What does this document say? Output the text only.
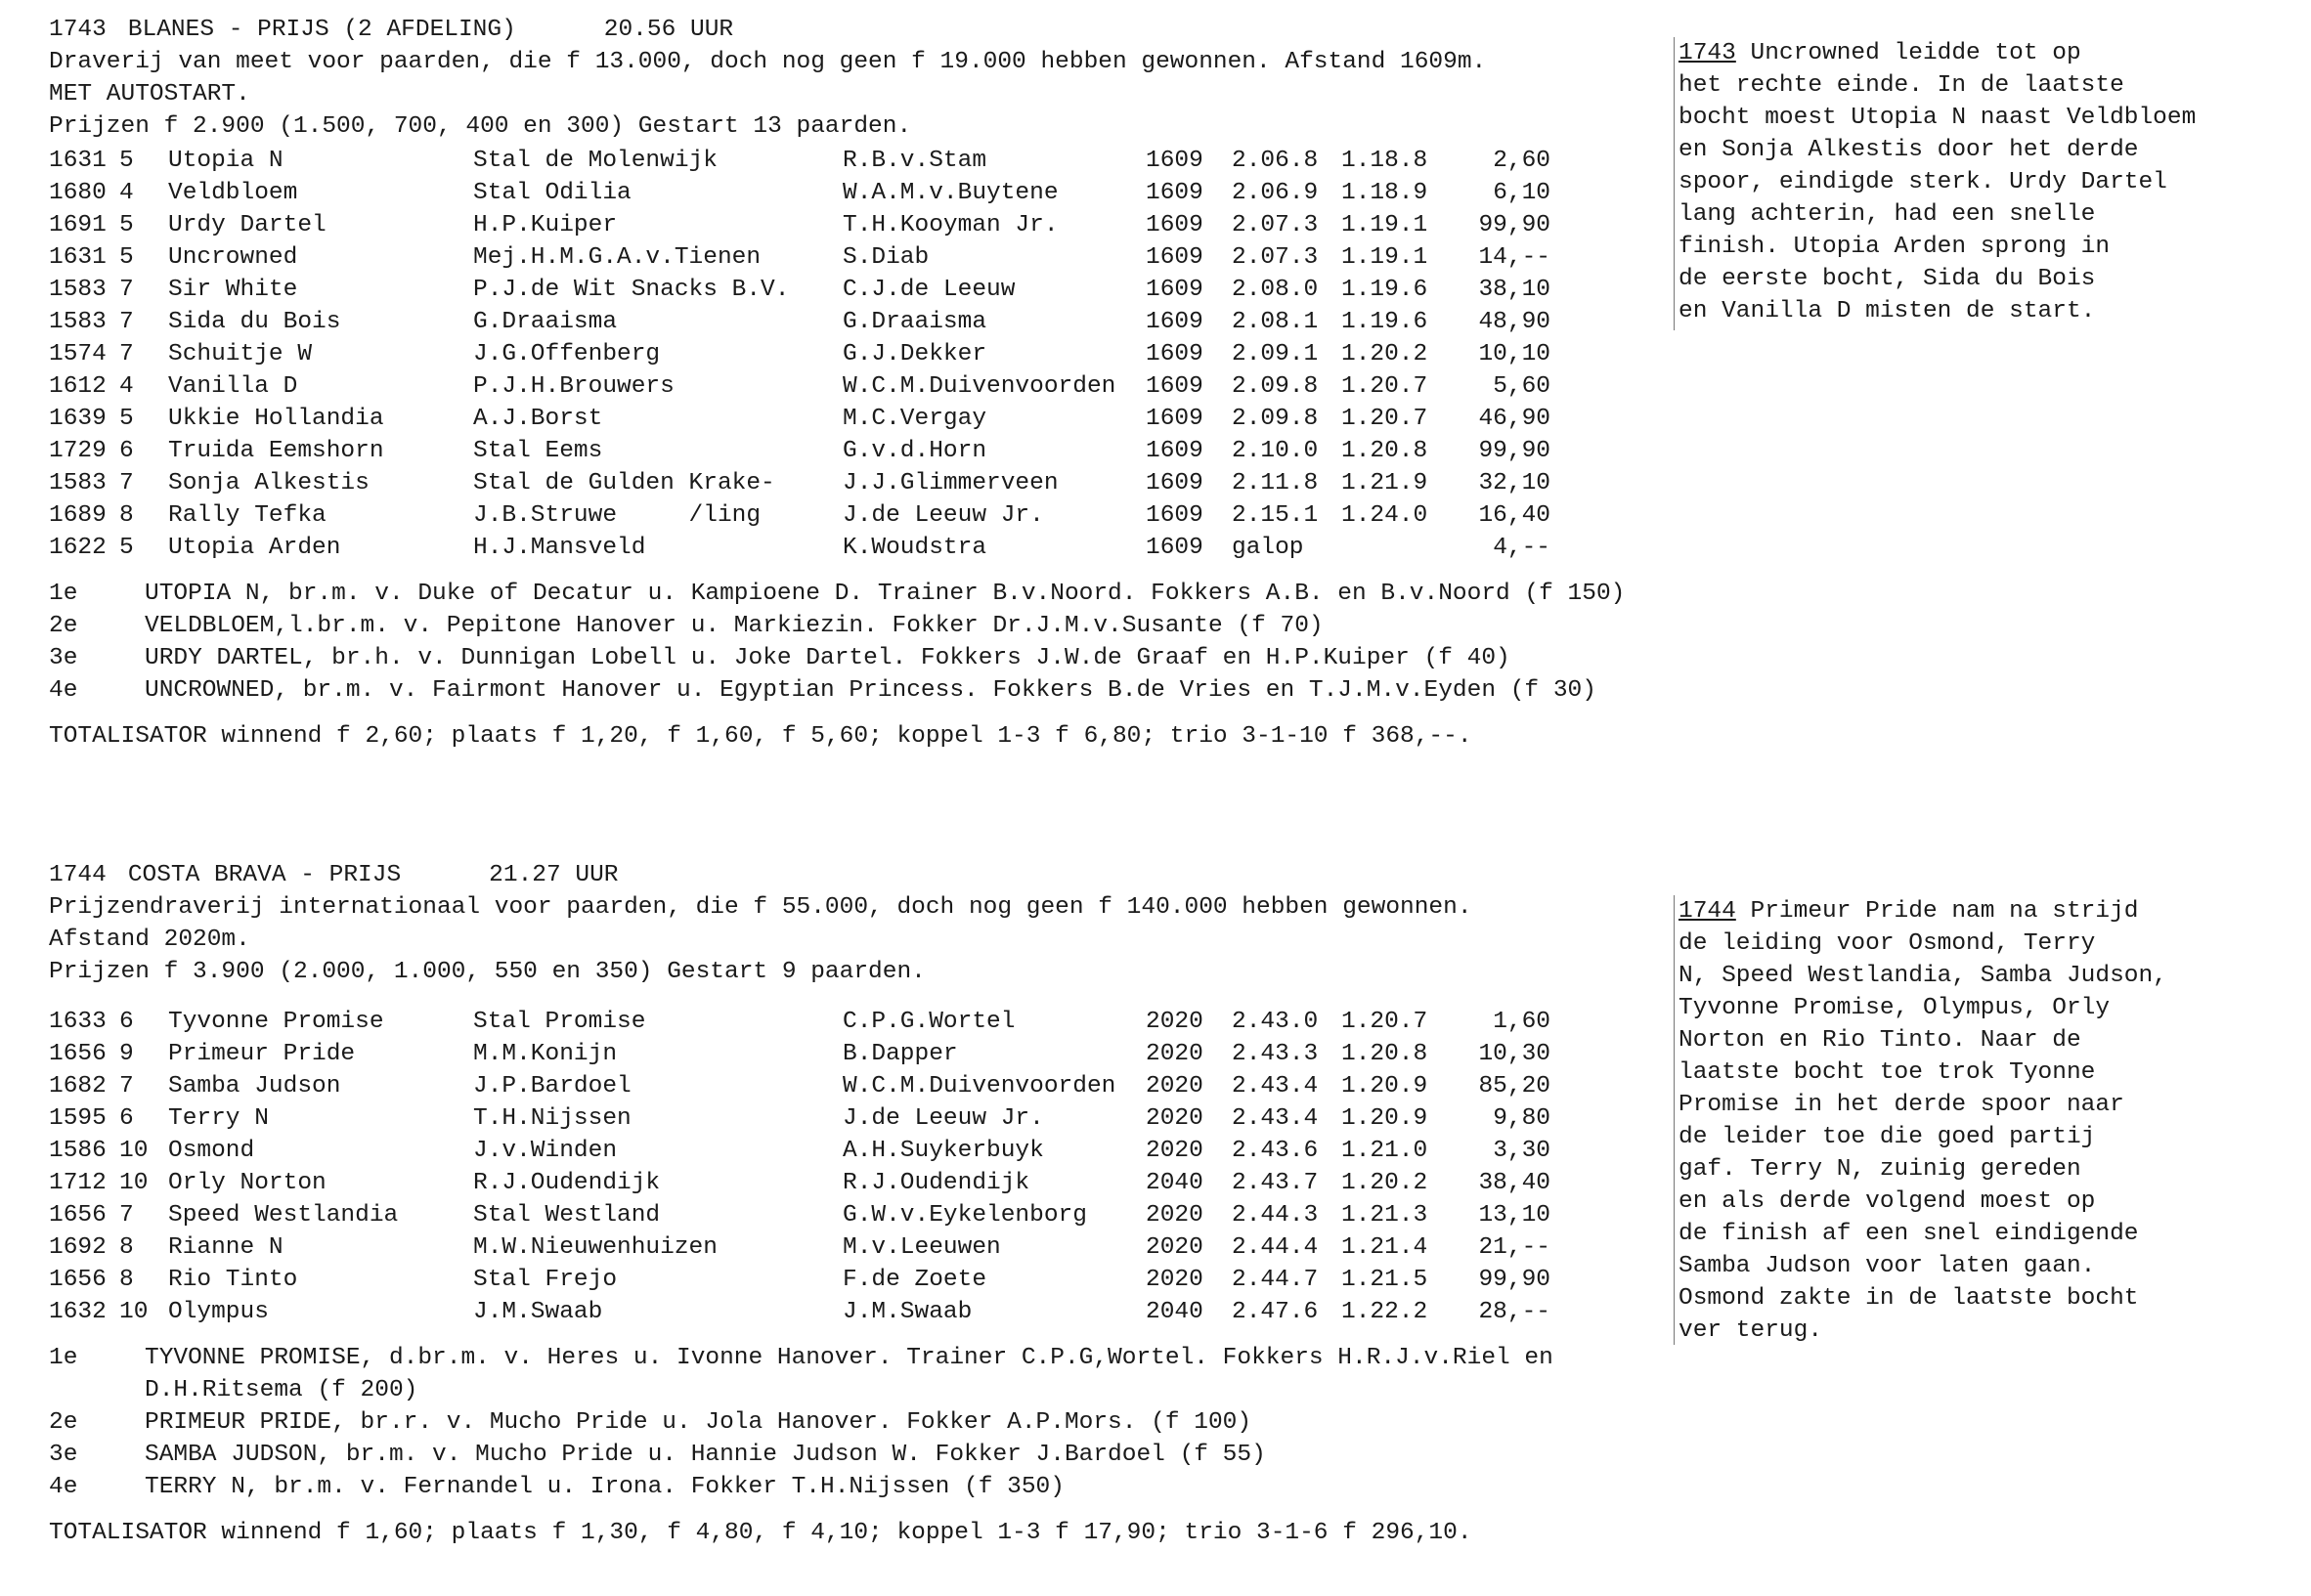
1743 BLANES - PRIJS (2 AFDELING)	20.56 UUR
Draverij van meet voor paarden, die f 13.000, doch nog geen f 19.000 hebben gewonnen. Afstand 1609m.
MET AUTOSTART.
Prijzen f 2.900 (1.500, 700, 400 en 300) Gestart 13 paarden.
1631	5	Utopia N	Stal de Molenwijk	R.B.v.Stam	1609	2.06.8	1.18.8	2,60
1680	4	Veldbloem	Stal Odilia	W.A.M.v.Buytene	1609	2.06.9	1.18.9	6,10
1691	5	Urdy Dartel	H.P.Kuiper	T.H.Kooyman Jr.	1609	2.07.3	1.19.1	99,90
1631	5	Uncrowned	Mej.H.M.G.A.v.Tienen	S.Diab	1609	2.07.3	1.19.1	14,--
1583	7	Sir White	P.J.de Wit Snacks B.V.	C.J.de Leeuw	1609	2.08.0	1.19.6	38,10
1583	7	Sida du Bois	G.Draaisma	G.Draaisma	1609	2.08.1	1.19.6	48,90
1574	7	Schuitje W	J.G.Offenberg	G.J.Dekker	1609	2.09.1	1.20.2	10,10
1612	4	Vanilla D	P.J.H.Brouwers	W.C.M.Duivenvoorden	1609	2.09.8	1.20.7	5,60
1639	5	Ukkie Hollandia	A.J.Borst	M.C.Vergay	1609	2.09.8	1.20.7	46,90
1729	6	Truida Eemshorn	Stal Eems	G.v.d.Horn	1609	2.10.0	1.20.8	99,90
1583	7	Sonja Alkestis	Stal de Gulden Krake-	J.J.Glimmerveen	1609	2.11.8	1.21.9	32,10
1689	8	Rally Tefka	J.B.Struwe     /ling	J.de Leeuw Jr.	1609	2.15.1	1.24.0	16,40
1622	5	Utopia Arden	H.J.Mansveld	K.Woudstra	1609	galop		4,--
1e	UTOPIA N, br.m. v. Duke of Decatur u. Kampioene D. Trainer B.v.Noord. Fokkers A.B. en B.v.Noord (f 150)
2e	VELDBLOEM,l.br.m. v. Pepitone Hanover u. Markiezin. Fokker Dr.J.M.v.Susante (f 70)
3e	URDY DARTEL, br.h. v. Dunnigan Lobell u. Joke Dartel. Fokkers J.W.de Graaf en H.P.Kuiper (f 40)
4e	UNCROWNED, br.m. v. Fairmont Hanover u. Egyptian Princess. Fokkers B.de Vries en T.J.M.v.Eyden (f 30)
TOTALISATOR winnend f 2,60; plaats f 1,20, f 1,60, f 5,60; koppel 1-3 f 6,80; trio 3-1-10 f 368,--.
1743 Uncrowned leidde tot op
het rechte einde. In de laatste
bocht moest Utopia N naast Veldbloem
en Sonja Alkestis door het derde
spoor, eindigde sterk. Urdy Dartel
lang achterin, had een snelle
finish. Utopia Arden sprong in
de eerste bocht, Sida du Bois
en Vanilla D misten de start.
1744 COSTA BRAVA - PRIJS	21.27 UUR
Prijzendraverij internationaal voor paarden, die f 55.000, doch nog geen f 140.000 hebben gewonnen.
Afstand 2020m.
Prijzen f 3.900 (2.000, 1.000, 550 en 350) Gestart 9 paarden.
1633	6	Tyvonne Promise	Stal Promise	C.P.G.Wortel	2020	2.43.0	1.20.7	1,60
1656	9	Primeur Pride	M.M.Konijn	B.Dapper	2020	2.43.3	1.20.8	10,30
1682	7	Samba Judson	J.P.Bardoel	W.C.M.Duivenvoorden	2020	2.43.4	1.20.9	85,20
1595	6	Terry N	T.H.Nijssen	J.de Leeuw Jr.	2020	2.43.4	1.20.9	9,80
1586	10	Osmond	J.v.Winden	A.H.Suykerbuyk	2020	2.43.6	1.21.0	3,30
1712	10	Orly Norton	R.J.Oudendijk	R.J.Oudendijk	2040	2.43.7	1.20.2	38,40
1656	7	Speed Westlandia	Stal Westland	G.W.v.Eykelenborg	2020	2.44.3	1.21.3	13,10
1692	8	Rianne N	M.W.Nieuwenhuizen	M.v.Leeuwen	2020	2.44.4	1.21.4	21,--
1656	8	Rio Tinto	Stal Frejo	F.de Zoete	2020	2.44.7	1.21.5	99,90
1632	10	Olympus	J.M.Swaab	J.M.Swaab	2040	2.47.6	1.22.2	28,--
1e	TYVONNE PROMISE, d.br.m. v. Heres u. Ivonne Hanover. Trainer C.P.G,Wortel. Fokkers H.R.J.v.Riel en D.H.Ritsema (f 200)
2e	PRIMEUR PRIDE, br.r. v. Mucho Pride u. Jola Hanover. Fokker A.P.Mors. (f 100)
3e	SAMBA JUDSON, br.m. v. Mucho Pride u. Hannie Judson W. Fokker J.Bardoel (f 55)
4e	TERRY N, br.m. v. Fernandel u. Irona. Fokker T.H.Nijssen (f 350)
TOTALISATOR winnend f 1,60; plaats f 1,30, f 4,80, f 4,10; koppel 1-3 f 17,90; trio 3-1-6 f 296,10.
1744 Primeur Pride nam na strijd
de leiding voor Osmond, Terry
N, Speed Westlandia, Samba Judson,
Tyvonne Promise, Olympus, Orly
Norton en Rio Tinto. Naar de
laatste bocht toe trok Tyonne
Promise in het derde spoor naar
de leider toe die goed partij
gaf. Terry N, zuinig gereden
en als derde volgend moest op
de finish af een snel eindigende
Samba Judson voor laten gaan.
Osmond zakte in de laatste bocht
ver terug.
